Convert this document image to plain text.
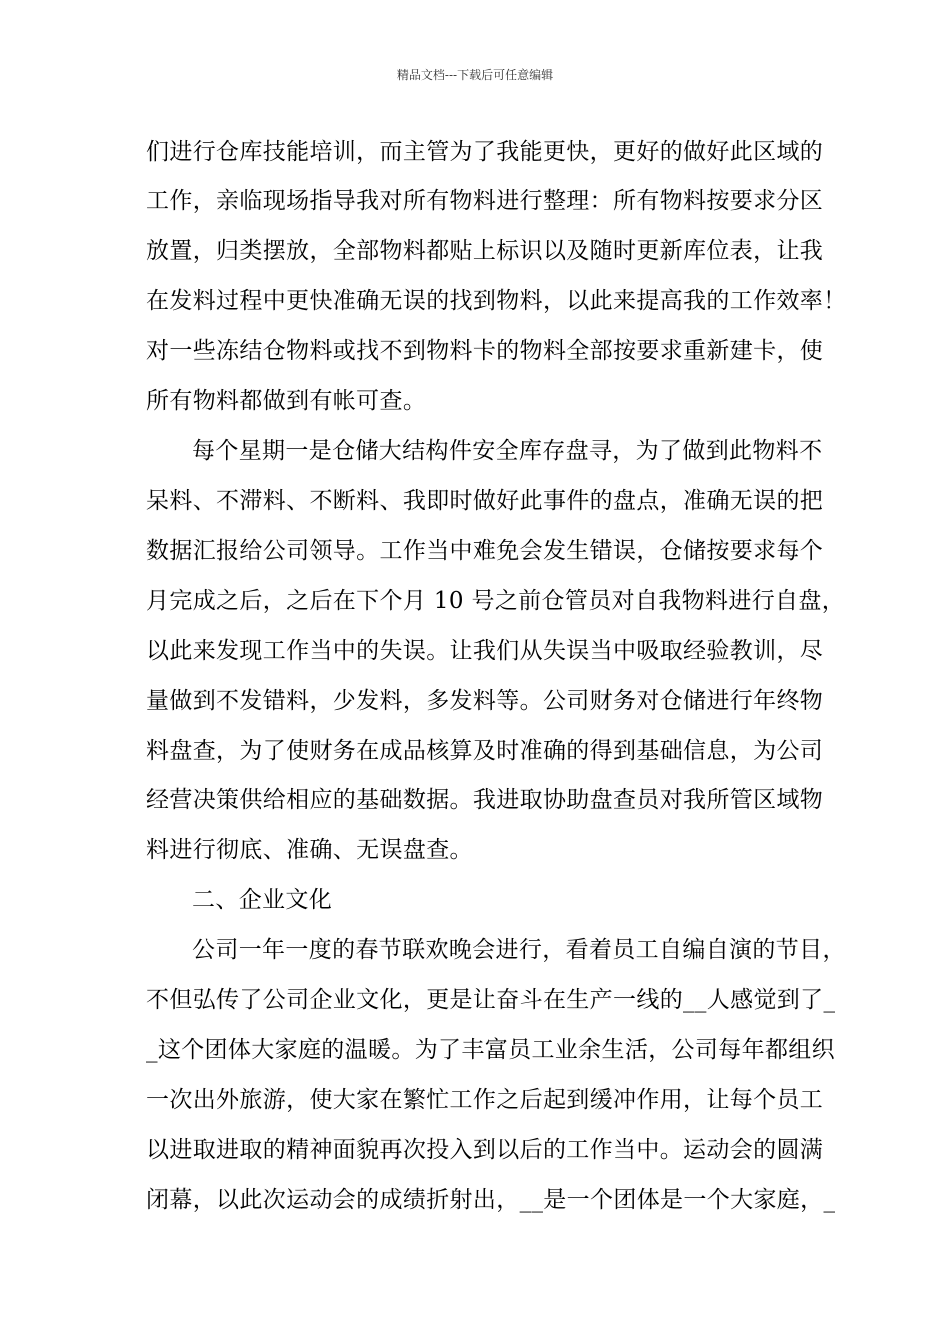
精品文档---下载后可任意编辑

们进行仓库技能培训，而主管为了我能更快，更好的做好此区域的

工作，亲临现场指导我对所有物料进行整理：所有物料按要求分区

放置，归类摆放，全部物料都贴上标识以及随时更新库位表，让我

在发料过程中更快准确无误的找到物料，以此来提高我的工作效率！

对一些冻结仓物料或找不到物料卡的物料全部按要求重新建卡，使

所有物料都做到有帐可查。

每个星期一是仓储大结构件安全库存盘寻，为了做到此物料不

呆料、不滞料、不断料、我即时做好此事件的盘点，准确无误的把

数据汇报给公司领导。工作当中难免会发生错误，仓储按要求每个

月完成之后，之后在下个月 10 号之前仓管员对自我物料进行自盘，

以此来发现工作当中的失误。让我们从失误当中吸取经验教训，尽

量做到不发错料，少发料，多发料等。公司财务对仓储进行年终物

料盘查，为了使财务在成品核算及时准确的得到基础信息，为公司

经营决策供给相应的基础数据。我进取协助盘查员对我所管区域物

料进行彻底、准确、无误盘查。

二、企业文化

公司一年一度的春节联欢晚会进行，看着员工自编自演的节目，

不但弘传了公司企业文化，更是让奋斗在生产一线的__人感觉到了_

_这个团体大家庭的温暖。为了丰富员工业余生活，公司每年都组织

一次出外旅游，使大家在繁忙工作之后起到缓冲作用，让每个员工

以进取进取的精神面貌再次投入到以后的工作当中。运动会的圆满

闭幕，以此次运动会的成绩折射出，__是一个团体是一个大家庭，_
